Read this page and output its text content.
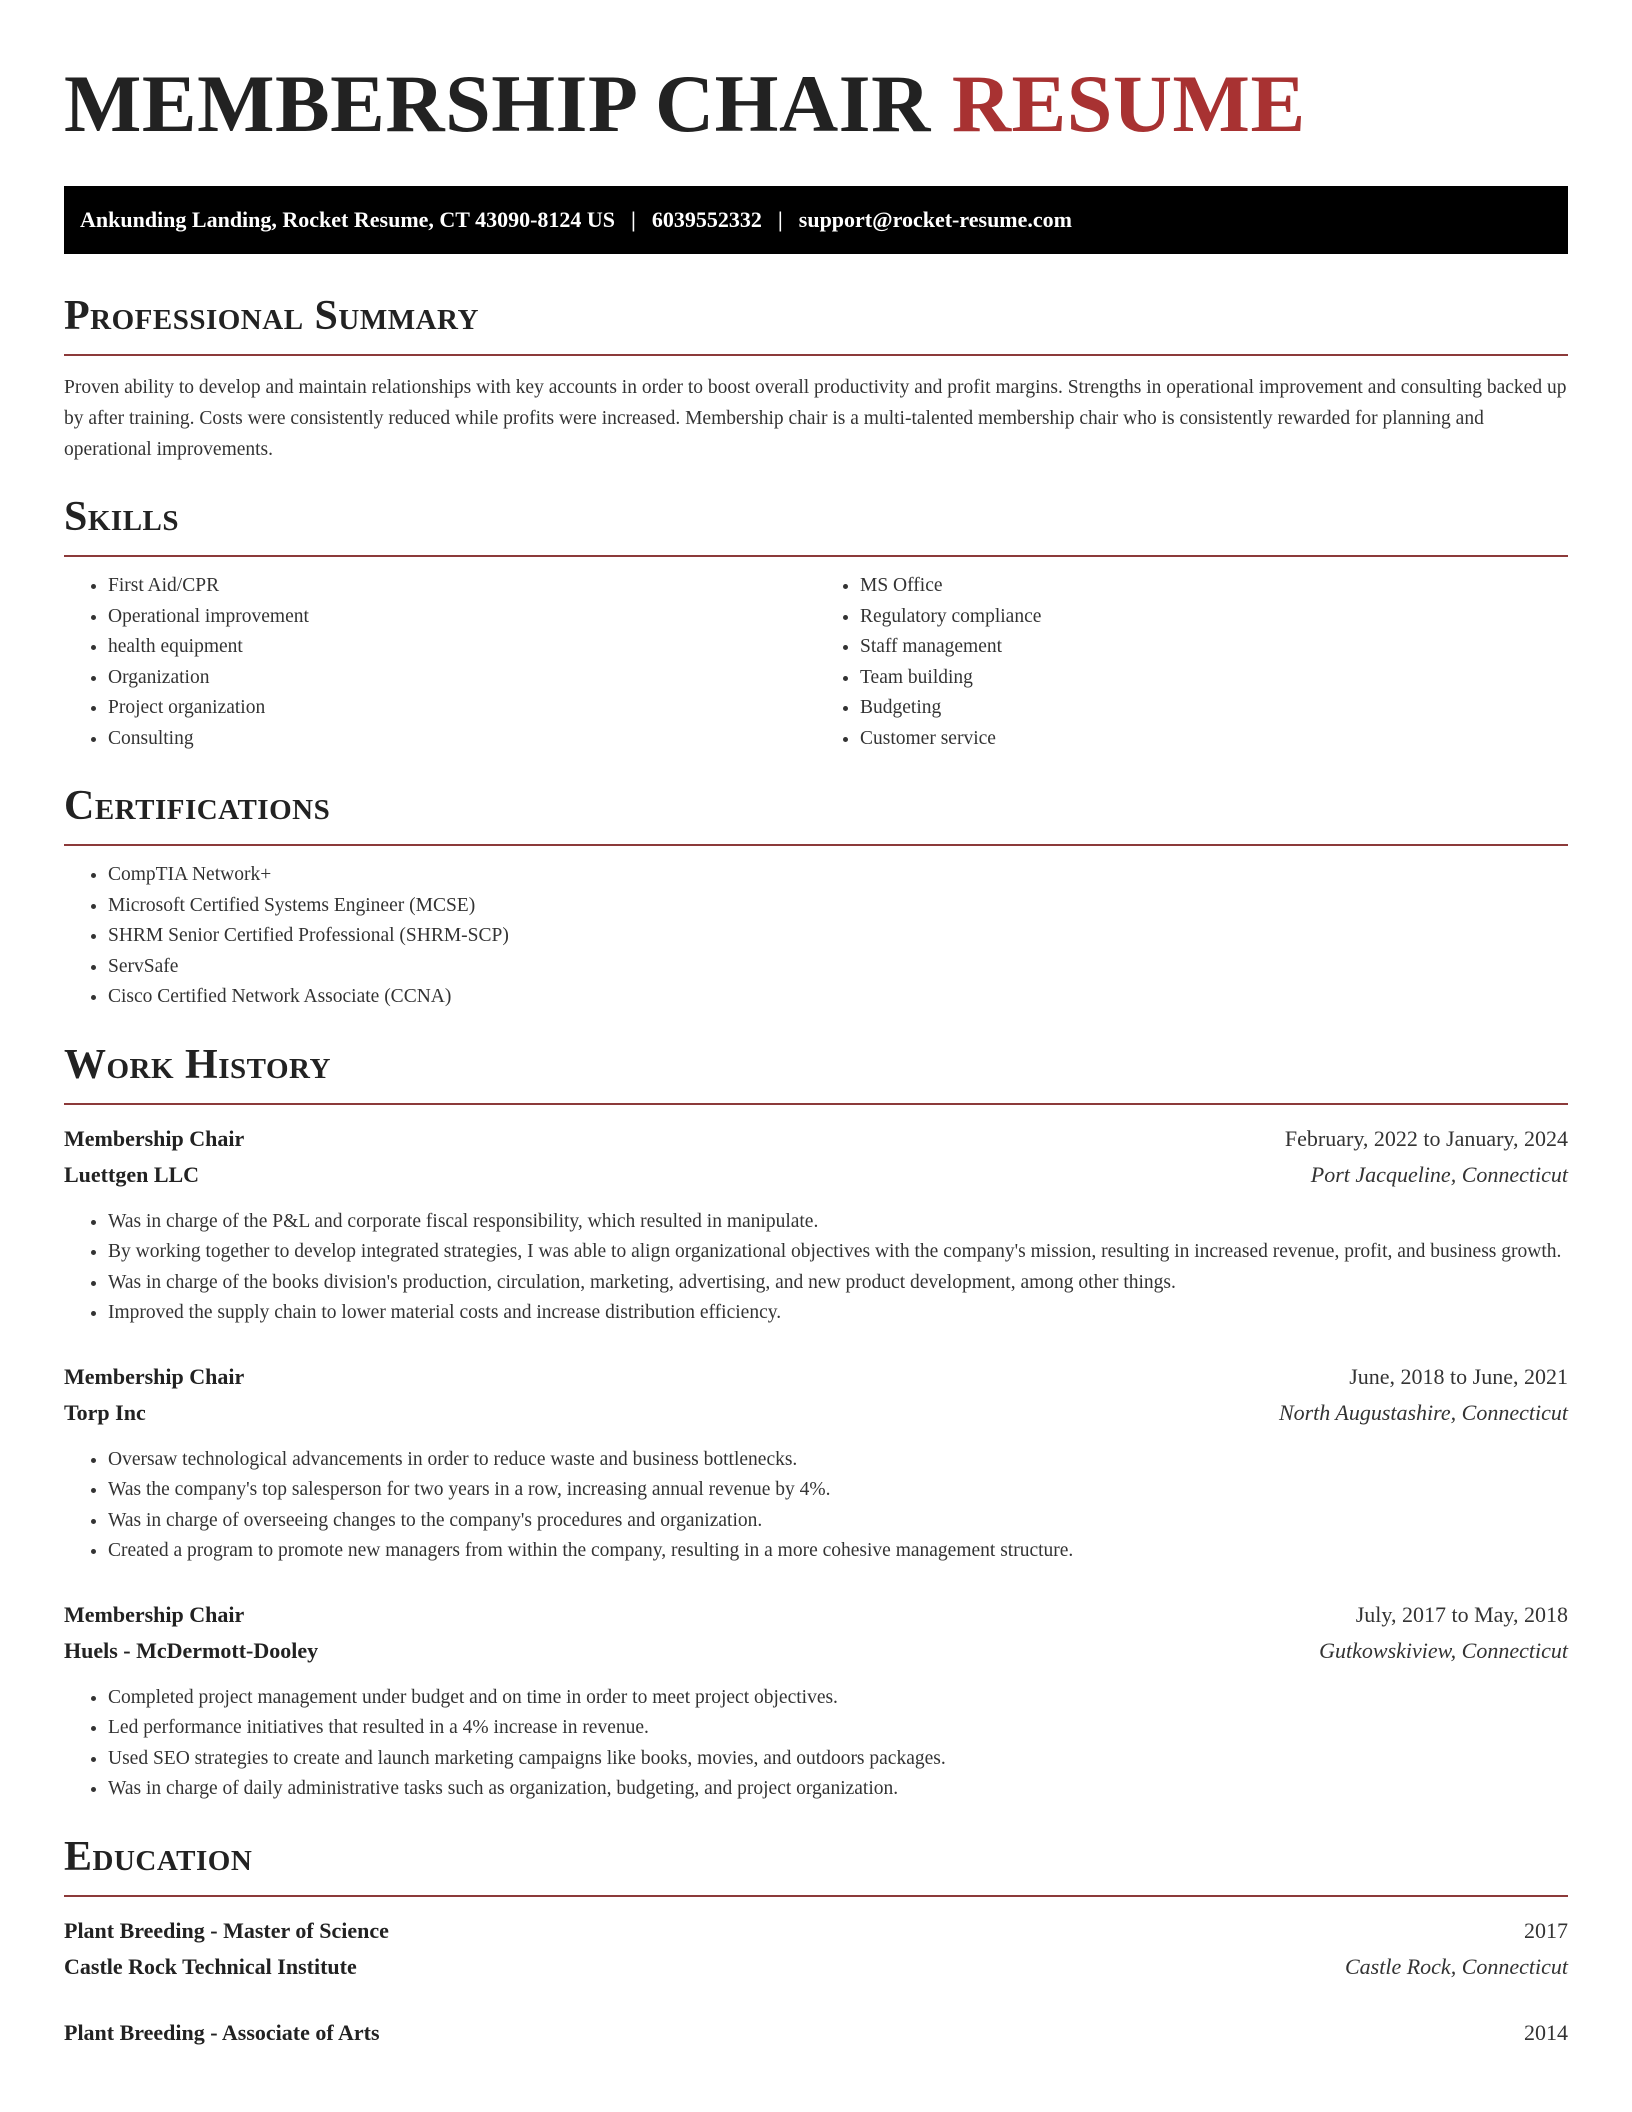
MEMBERSHIP CHAIR RESUME
Ankunding Landing, Rocket Resume, CT 43090-8124 US | 6039552332 | support@rocket-resume.com
Professional Summary

Proven ability to develop and maintain relationships with key accounts in order to boost overall productivity and profit margins. Strengths in operational improvement and consulting backed up by after training. Costs were consistently reduced while profits were increased. Membership chair is a multi-talented membership chair who is consistently rewarded for planning and operational improvements.

Skills
• First Aid/CPR
• Operational improvement
• health equipment
• Organization
• Project organization
• Consulting
• MS Office
• Regulatory compliance
• Staff management
• Team building
• Budgeting
• Customer service
Certifications
• CompTIA Network+
• Microsoft Certified Systems Engineer (MCSE)
• SHRM Senior Certified Professional (SHRM-SCP)
• ServSafe
• Cisco Certified Network Associate (CCNA)
Work History
Membership Chair	February, 2022 to January, 2024
Luettgen LLC	Port Jacqueline, Connecticut
• Was in charge of the P&L and corporate fiscal responsibility, which resulted in manipulate.
• By working together to develop integrated strategies, I was able to align organizational objectives with the company's mission, resulting in increased revenue, profit, and business growth.
• Was in charge of the books division's production, circulation, marketing, advertising, and new product development, among other things.
• Improved the supply chain to lower material costs and increase distribution efficiency.
Membership Chair	June, 2018 to June, 2021
Torp Inc	North Augustashire, Connecticut
• Oversaw technological advancements in order to reduce waste and business bottlenecks.
• Was the company's top salesperson for two years in a row, increasing annual revenue by 4%.
• Was in charge of overseeing changes to the company's procedures and organization.
• Created a program to promote new managers from within the company, resulting in a more cohesive management structure.
Membership Chair	July, 2017 to May, 2018
Huels - McDermott-Dooley	Gutkowskiview, Connecticut
• Completed project management under budget and on time in order to meet project objectives.
• Led performance initiatives that resulted in a 4% increase in revenue.
• Used SEO strategies to create and launch marketing campaigns like books, movies, and outdoors packages.
• Was in charge of daily administrative tasks such as organization, budgeting, and project organization.
Education
Plant Breeding - Master of Science	2017
Castle Rock Technical Institute	Castle Rock, Connecticut
Plant Breeding - Associate of Arts	2014
